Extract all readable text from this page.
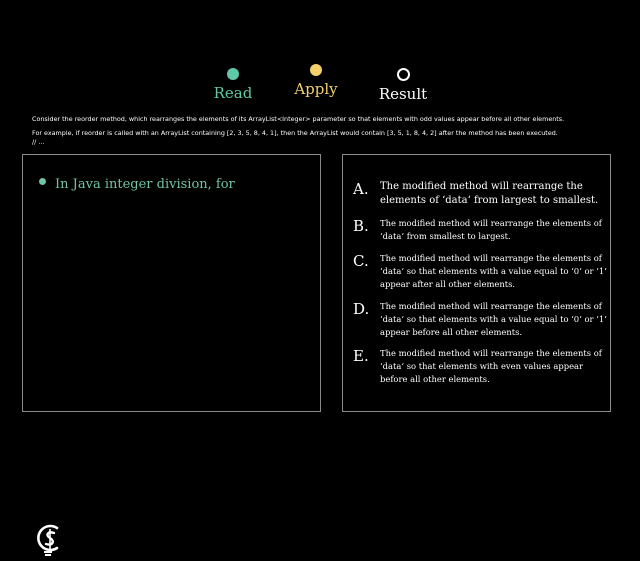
Read	Apply	Result

Consider the reorder method, which rearranges the elements of its ArrayList<Integer> parameter so that elements with odd values appear before all other elements.

For example, if reorder is called with an ArrayList containing [2, 3, 5, 8, 4, 1], then the ArrayList would contain [3, 5, 1, 8, 4, 2] after the method has been executed.

// ...

In Java integer division, for	A. The modified method will rearrange the elements of ‘data‘ from largest to smallest.
B. The modified method will rearrange the elements of ‘data‘ from smallest to largest.
C. The modified method will rearrange the elements of ‘data‘ so that elements with a value equal to ‘0‘ or ‘1‘ appear after all other elements.
D. The modified method will rearrange the elements of ‘data‘ so that elements with a value equal to ‘0‘ or ‘1‘ appear before all other elements.
E. The modified method will rearrange the elements of ‘data‘ so that elements with even values appear before all other elements.
